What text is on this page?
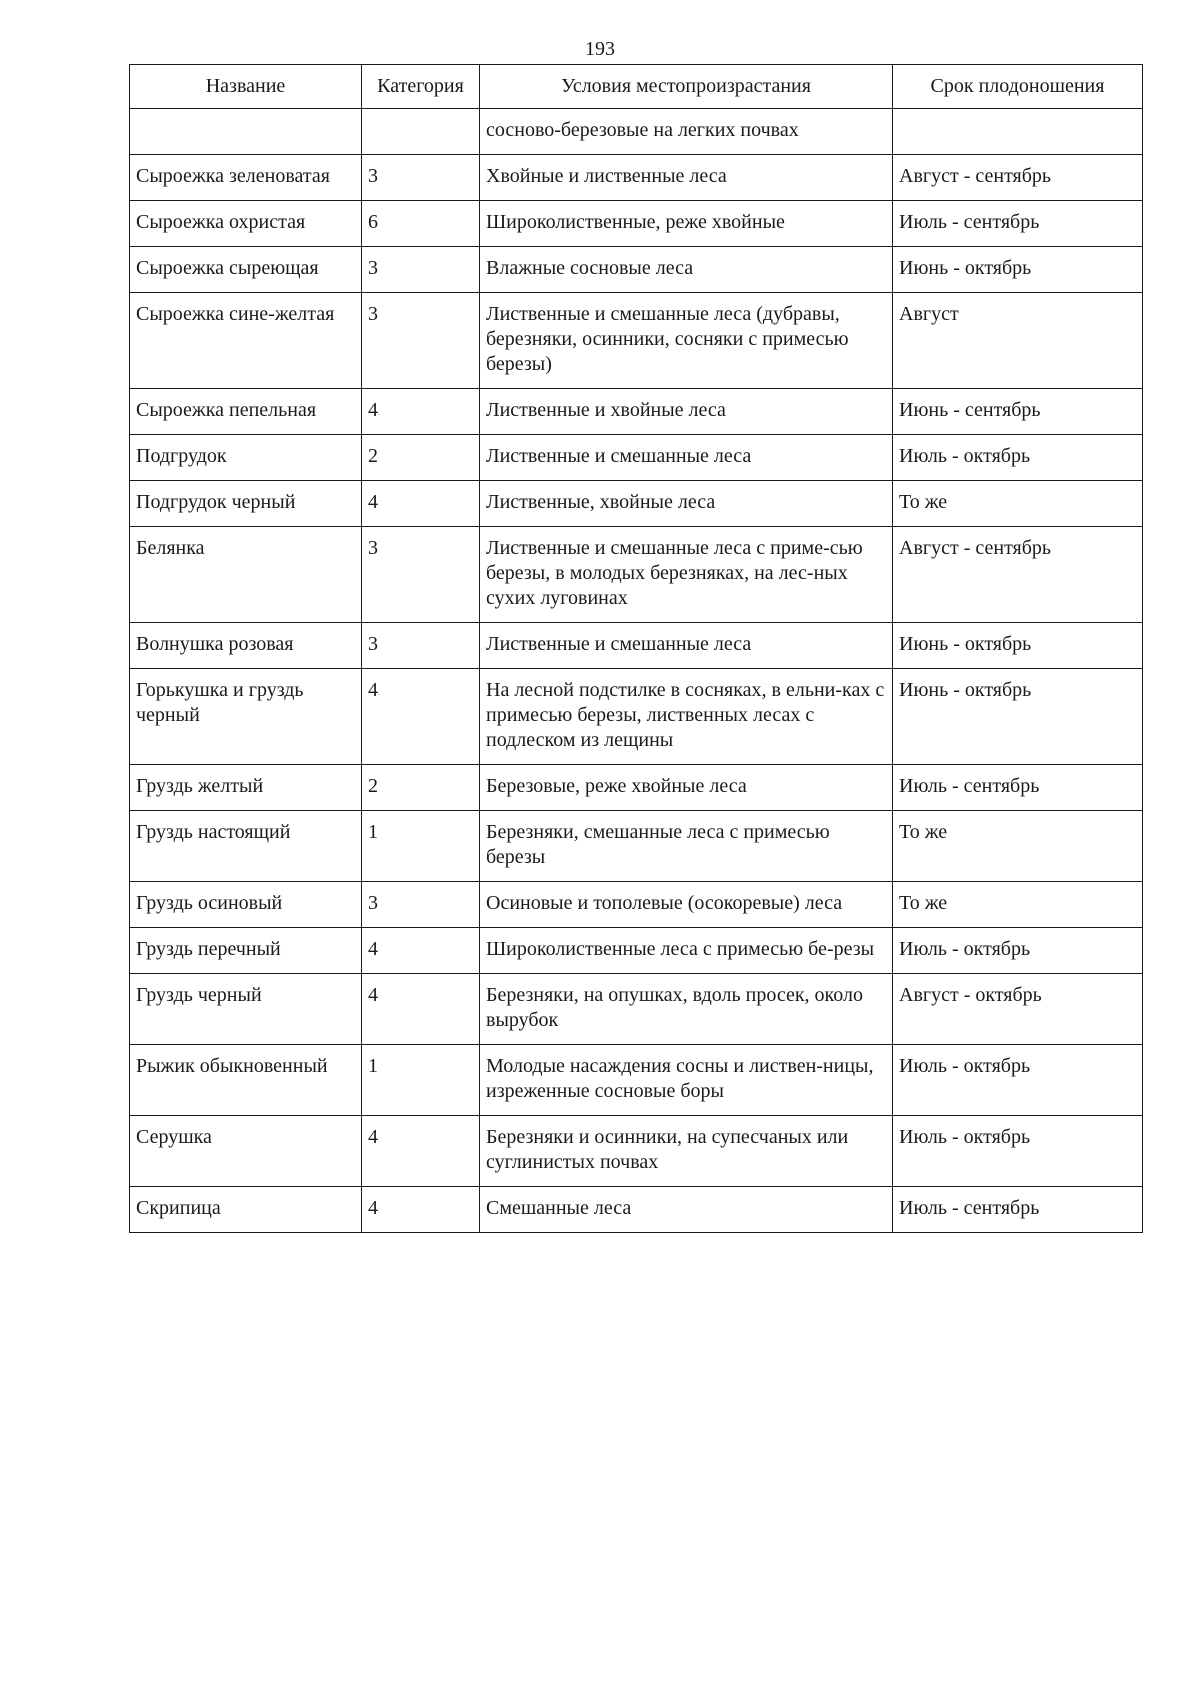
193
Название	Категория	Условия местопроизрастания	Срок плодоношения
		сосново-березовые на легких почвах	
Сыроежка зеленоватая	3	Хвойные и лиственные леса	Август - сентябрь
Сыроежка охристая	6	Широколиственные, реже хвойные	Июль - сентябрь
Сыроежка сыреющая	3	Влажные сосновые леса	Июнь - октябрь
Сыроежка сине-желтая	3	Лиственные и смешанные леса (дубравы, березняки, осинники, сосняки с примесью березы)	Август
Сыроежка пепельная	4	Лиственные и хвойные леса	Июнь - сентябрь
Подгрудок	2	Лиственные и смешанные леса	Июль - октябрь
Подгрудок черный	4	Лиственные, хвойные леса	То же
Белянка	3	Лиственные и смешанные леса с приме-сью березы, в молодых березняках, на лес-ных сухих луговинах	Август - сентябрь
Волнушка розовая	3	Лиственные и смешанные леса	Июнь - октябрь
Горькушка и груздь черный	4	На лесной подстилке в сосняках, в ельни-ках с примесью березы, лиственных лесах с подлеском из лещины	Июнь - октябрь
Груздь желтый	2	Березовые, реже хвойные леса	Июль - сентябрь
Груздь настоящий	1	Березняки, смешанные леса с примесью березы	То же
Груздь осиновый	3	Осиновые и тополевые (осокоревые) леса	То же
Груздь перечный	4	Широколиственные леса с примесью бе-резы	Июль - октябрь
Груздь черный	4	Березняки, на опушках, вдоль просек, около вырубок	Август - октябрь
Рыжик обыкновенный	1	Молодые насаждения сосны и листвен-ницы, изреженные сосновые боры	Июль - октябрь
Серушка	4	Березняки и осинники, на супесчаных или суглинистых почвах	Июль - октябрь
Скрипица	4	Смешанные леса	Июль - сентябрь
